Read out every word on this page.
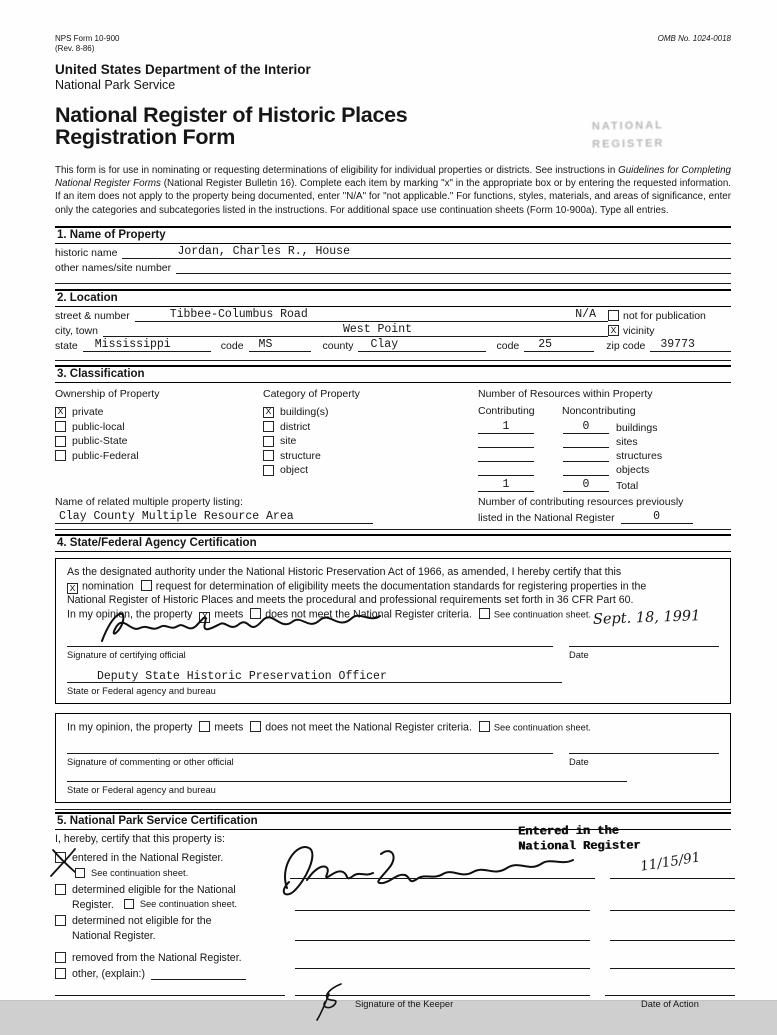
NATIONAL
REGISTER
NPS Form 10-900
(Rev. 8-86)
OMB No. 1024-0018
United States Department of the Interior
National Park Service
National Register of Historic Places
Registration Form
This form is for use in nominating or requesting determinations of eligibility for individual properties or districts. See instructions in Guidelines for Completing National Register Forms (National Register Bulletin 16). Complete each item by marking "x" in the appropriate box or by entering the requested information. If an item does not apply to the property being documented, enter "N/A" for "not applicable." For functions, styles, materials, and areas of significance, enter only the categories and subcategories listed in the instructions. For additional space use continuation sheets (Form 10-900a). Type all entries.
1. Name of Property
historic name	Jordan, Charles R., House
other names/site number
2. Location
street & number	Tibbee-Columbus Road	N/A	not for publication
city, town	West Point	X vicinity
state	Mississippi	code	MS	county	Clay	code	25	zip code	39773
3. Classification
Ownership of Property
X private
public-local
public-State
public-Federal
Category of Property
X building(s)
district
site
structure
object
Number of Resources within Property
Contributing	Noncontributing
1	0	buildings
sites
structures
objects
1	0	Total
Name of related multiple property listing:
Clay County Multiple Resource Area
Number of contributing resources previously
listed in the National Register	0
4. State/Federal Agency Certification
As the designated authority under the National Historic Preservation Act of 1966, as amended, I hereby certify that this
X nomination request for determination of eligibility meets the documentation standards for registering properties in the
National Register of Historic Places and meets the procedural and professional requirements set forth in 36 CFR Part 60.
In my opinion, the property X meets does not meet the National Register criteria. See continuation sheet. Sept. 18, 1991
Signature of certifying official	Date
Deputy State Historic Preservation Officer
State or Federal agency and bureau
In my opinion, the property meets does not meet the National Register criteria. See continuation sheet.
Signature of commenting or other official	Date
State or Federal agency and bureau
5. National Park Service Certification
Entered in the
National Register
I, hereby, certify that this property is:
entered in the National Register.
See continuation sheet.
determined eligible for the National
Register.	See continuation sheet.
determined not eligible for the
National Register.
removed from the National Register.
other, (explain:)
11/15/91
Signature of the Keeper	Date of Action
